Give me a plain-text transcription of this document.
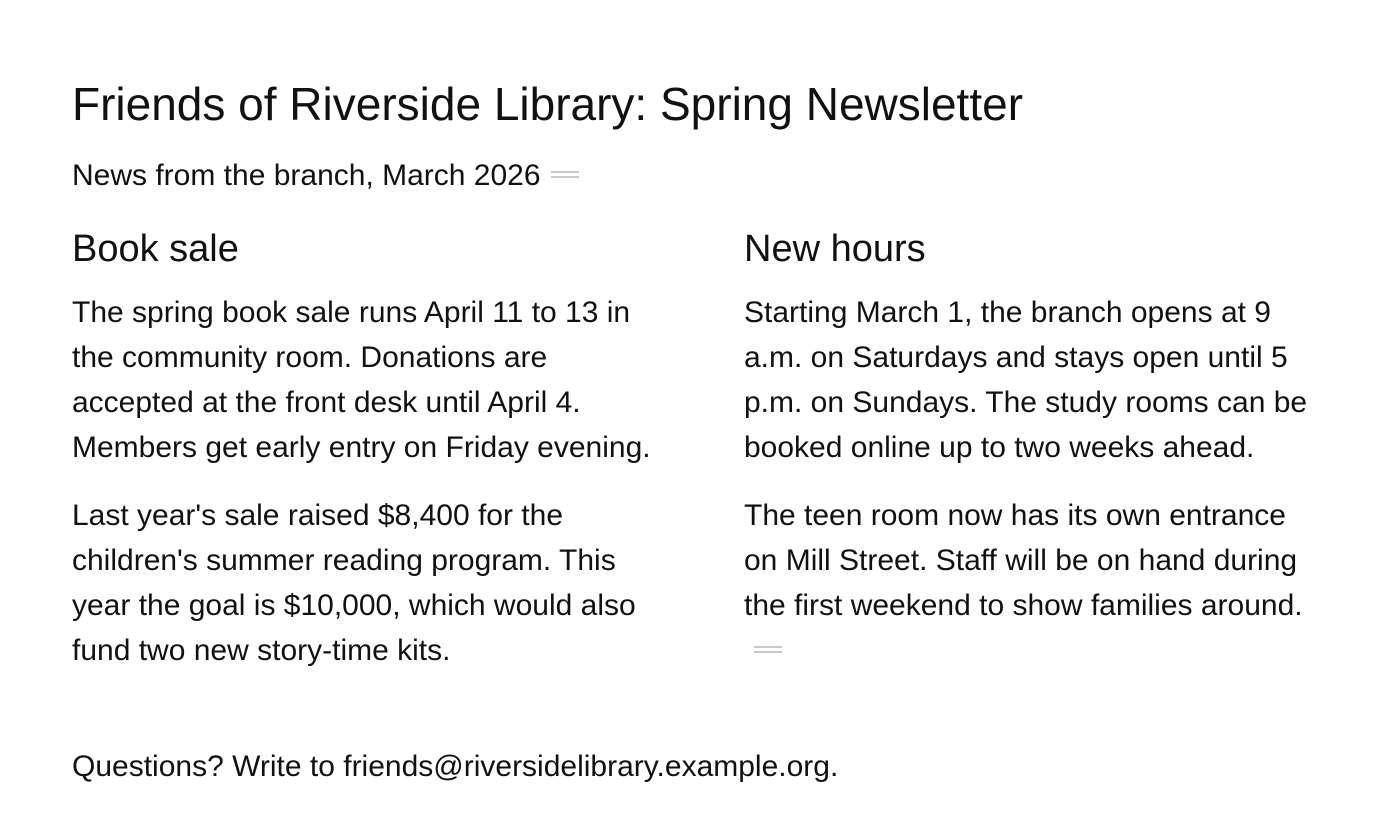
Friends of Riverside Library: Spring Newsletter

News from the branch, March 2026

Book sale

The spring book sale runs April 11 to 13 in the community room. Donations are accepted at the front desk until April 4. Members get early entry on Friday evening.

Last year's sale raised $8,400 for the children's summer reading program. This year the goal is $10,000, which would also fund two new story-time kits.

New hours

Starting March 1, the branch opens at 9 a.m. on Saturdays and stays open until 5 p.m. on Sundays. The study rooms can be booked online up to two weeks ahead.

The teen room now has its own entrance on Mill Street. Staff will be on hand during the first weekend to show families around.

Questions? Write to friends@riversidelibrary.example.org.
